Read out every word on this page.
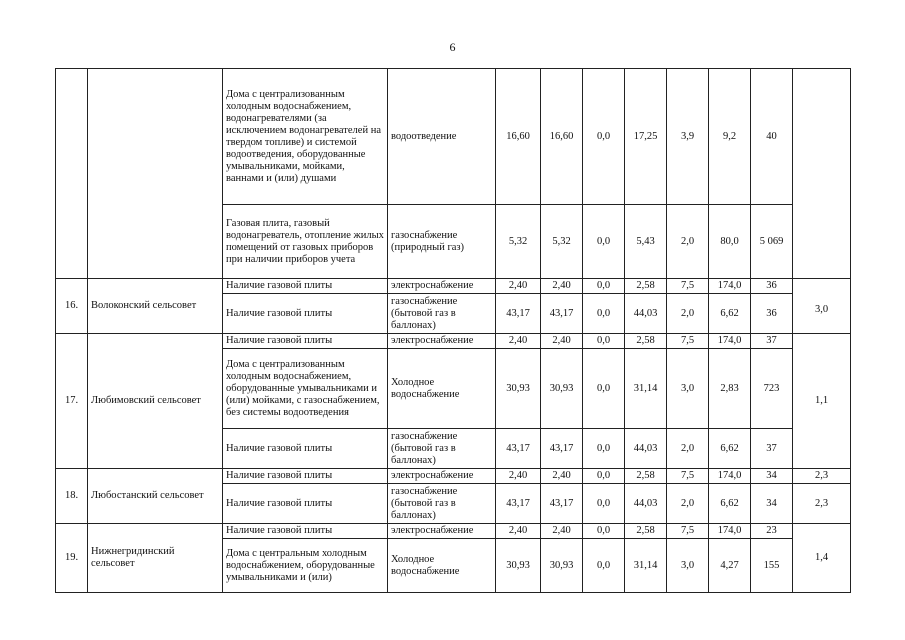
6
		Дома с централизованным холодным водоснабжением, водонагревателями (за исключением водонагревателей на твердом топливе) и системой водоотведения, оборудованные умывальниками, мойками, ваннами и (или) душами	водоотведение	16,60	16,60	0,0	17,25	3,9	9,2	40	
		Газовая плита, газовый водонагреватель, отопление жилых помещений от газовых приборов при наличии приборов учета	газоснабжение (природный газ)	5,32	5,32	0,0	5,43	2,0	80,0	5 069	
16.	Волоконский сельсовет	Наличие газовой плиты	электроснабжение	2,40	2,40	0,0	2,58	7,5	174,0	36	3,0
		Наличие газовой плиты	газоснабжение (бытовой газ в баллонах)	43,17	43,17	0,0	44,03	2,0	6,62	36	
17.	Любимовский сельсовет	Наличие газовой плиты	электроснабжение	2,40	2,40	0,0	2,58	7,5	174,0	37	1,1
		Дома с централизованным холодным водоснабжением, оборудованные умывальниками и (или) мойками, с газоснабжением, без системы водоотведения	Холодное водоснабжение	30,93	30,93	0,0	31,14	3,0	2,83	723	
		Наличие газовой плиты	газоснабжение (бытовой газ в баллонах)	43,17	43,17	0,0	44,03	2,0	6,62	37	
18.	Любостанский сельсовет	Наличие газовой плиты	электроснабжение	2,40	2,40	0,0	2,58	7,5	174,0	34	2,3
		Наличие газовой плиты	газоснабжение (бытовой газ в баллонах)	43,17	43,17	0,0	44,03	2,0	6,62	34	2,3
19.	Нижнегридинский сельсовет	Наличие газовой плиты	электроснабжение	2,40	2,40	0,0	2,58	7,5	174,0	23	1,4
		Дома с центральным холодным водоснабжением, оборудованные умывальниками и (или)	Холодное водоснабжение	30,93	30,93	0,0	31,14	3,0	4,27	155	
